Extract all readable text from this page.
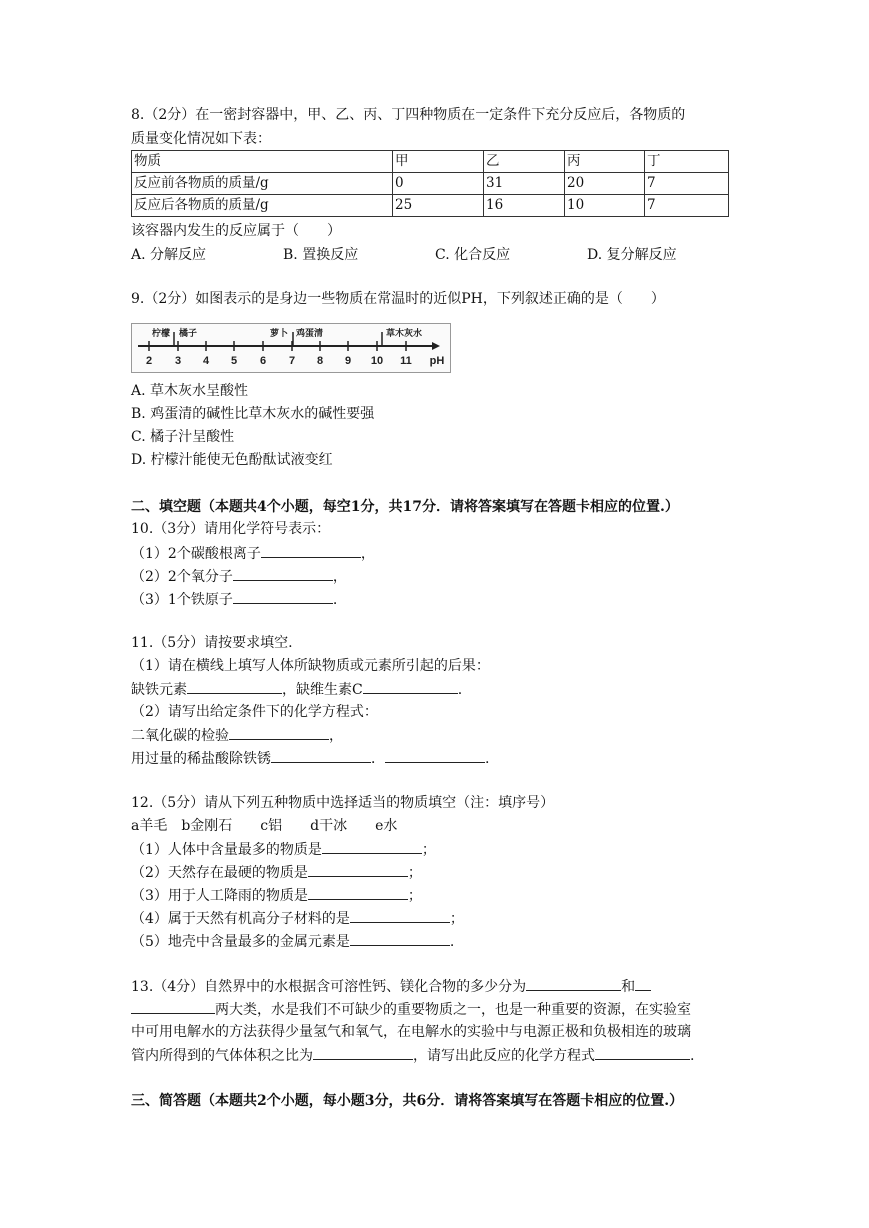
8.（2分）在一密封容器中，甲、乙、丙、丁四种物质在一定条件下充分反应后，各物质的
质量变化情况如下表：
物质	甲	乙	丙	丁
反应前各物质的质量/g	0	31	20	7
反应后各物质的质量/g	25	16	10	7
该容器内发生的反应属于（　　）
A. 分解反应	B. 置换反应	C. 化合反应	D. 复分解反应
9.（2分）如图表示的是身边一些物质在常温时的近似PH，下列叙述正确的是（　　）
柠檬 橘子	萝卜 鸡蛋清	草木灰水
2 3 4 5 6 7 8 9 10 11 pH
A. 草木灰水呈酸性
B. 鸡蛋清的碱性比草木灰水的碱性要强
C. 橘子汁呈酸性
D. 柠檬汁能使无色酚酞试液变红
二、填空题（本题共4个小题，每空1分，共17分．请将答案填写在答题卡相应的位置.）
10.（3分）请用化学符号表示：
（1）2个碳酸根离子	，
（2）2个氧分子	，
（3）1个铁原子	.
11.（5分）请按要求填空.
（1）请在横线上填写人体所缺物质或元素所引起的后果：
缺铁元素	，缺维生素C	.
（2）请写出给定条件下的化学方程式：
二氧化碳的检验	，
用过量的稀盐酸除铁锈	．	.
12.（5分）请从下列五种物质中选择适当的物质填空（注：填序号）
a羊毛　b金刚石　　c铝　　d干冰　　e水
（1）人体中含量最多的物质是	；
（2）天然存在最硬的物质是	；
（3）用于人工降雨的物质是	；
（4）属于天然有机高分子材料的是	；
（5）地壳中含量最多的金属元素是	.
13.（4分）自然界中的水根据含可溶性钙、镁化合物的多少分为	和
两大类，水是我们不可缺少的重要物质之一，也是一种重要的资源，在实验室
中可用电解水的方法获得少量氢气和氧气，在电解水的实验中与电源正极和负极相连的玻璃
管内所得到的气体体积之比为	，请写出此反应的化学方程式	.
三、简答题（本题共2个小题，每小题3分，共6分．请将答案填写在答题卡相应的位置.）
